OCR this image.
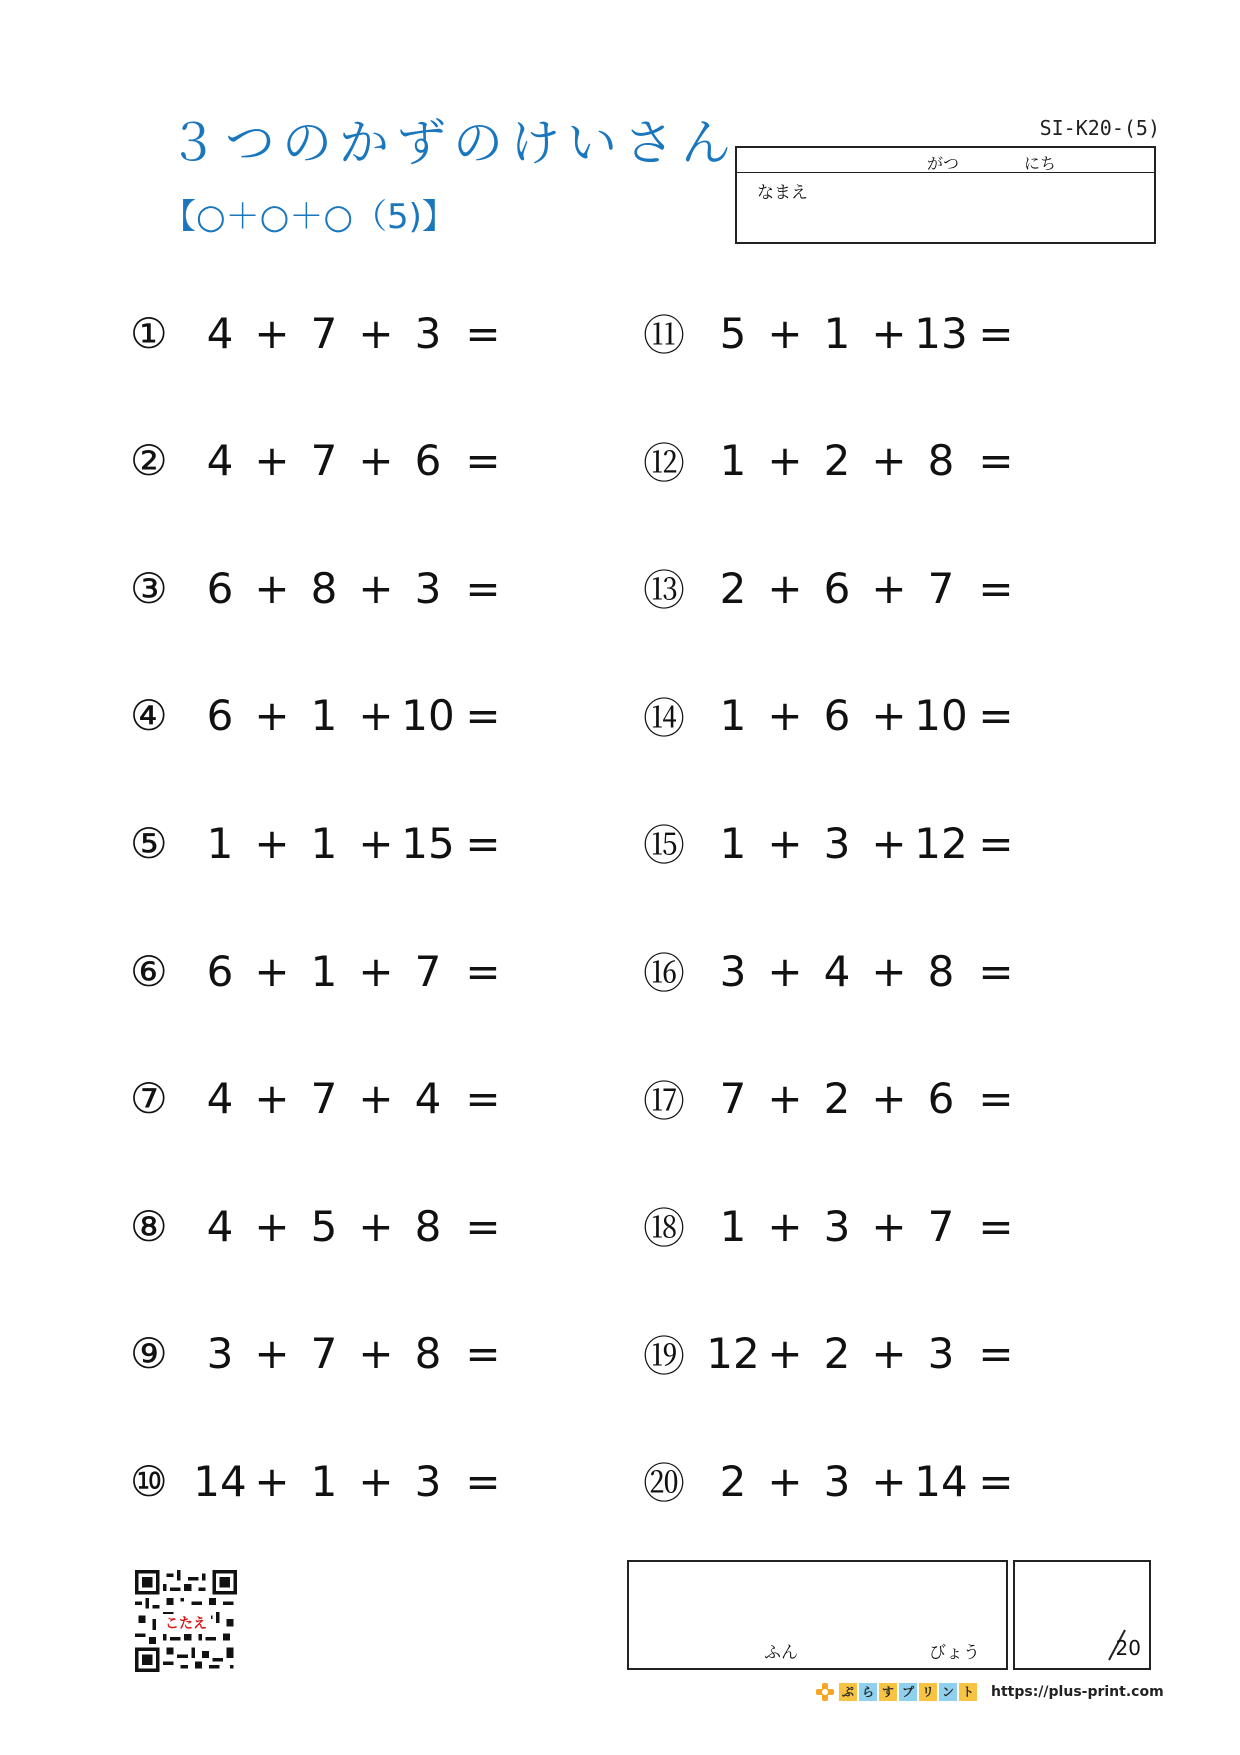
３つのかずのけいさん
【○＋○＋○（5)】
SI-K20-(5)
がつ	にち
なまえ
① 4 + 7 + 3 =
② 4 + 7 + 6 =
③ 6 + 8 + 3 =
④ 6 + 1 + 10 =
⑤ 1 + 1 + 15 =
⑥ 6 + 1 + 7 =
⑦ 4 + 7 + 4 =
⑧ 4 + 5 + 8 =
⑨ 3 + 7 + 8 =
⑩ 14 + 1 + 3 =
⑪ 5 + 1 + 13 =
⑫ 1 + 2 + 8 =
⑬ 2 + 6 + 7 =
⑭ 1 + 6 + 10 =
⑮ 1 + 3 + 12 =
⑯ 3 + 4 + 8 =
⑰ 7 + 2 + 6 =
⑱ 1 + 3 + 7 =
⑲ 12 + 2 + 3 =
⑳ 2 + 3 + 14 =
こたえ
ふん	びょう	20
ぷ ら す プ リ ン ト https://plus-print.com
